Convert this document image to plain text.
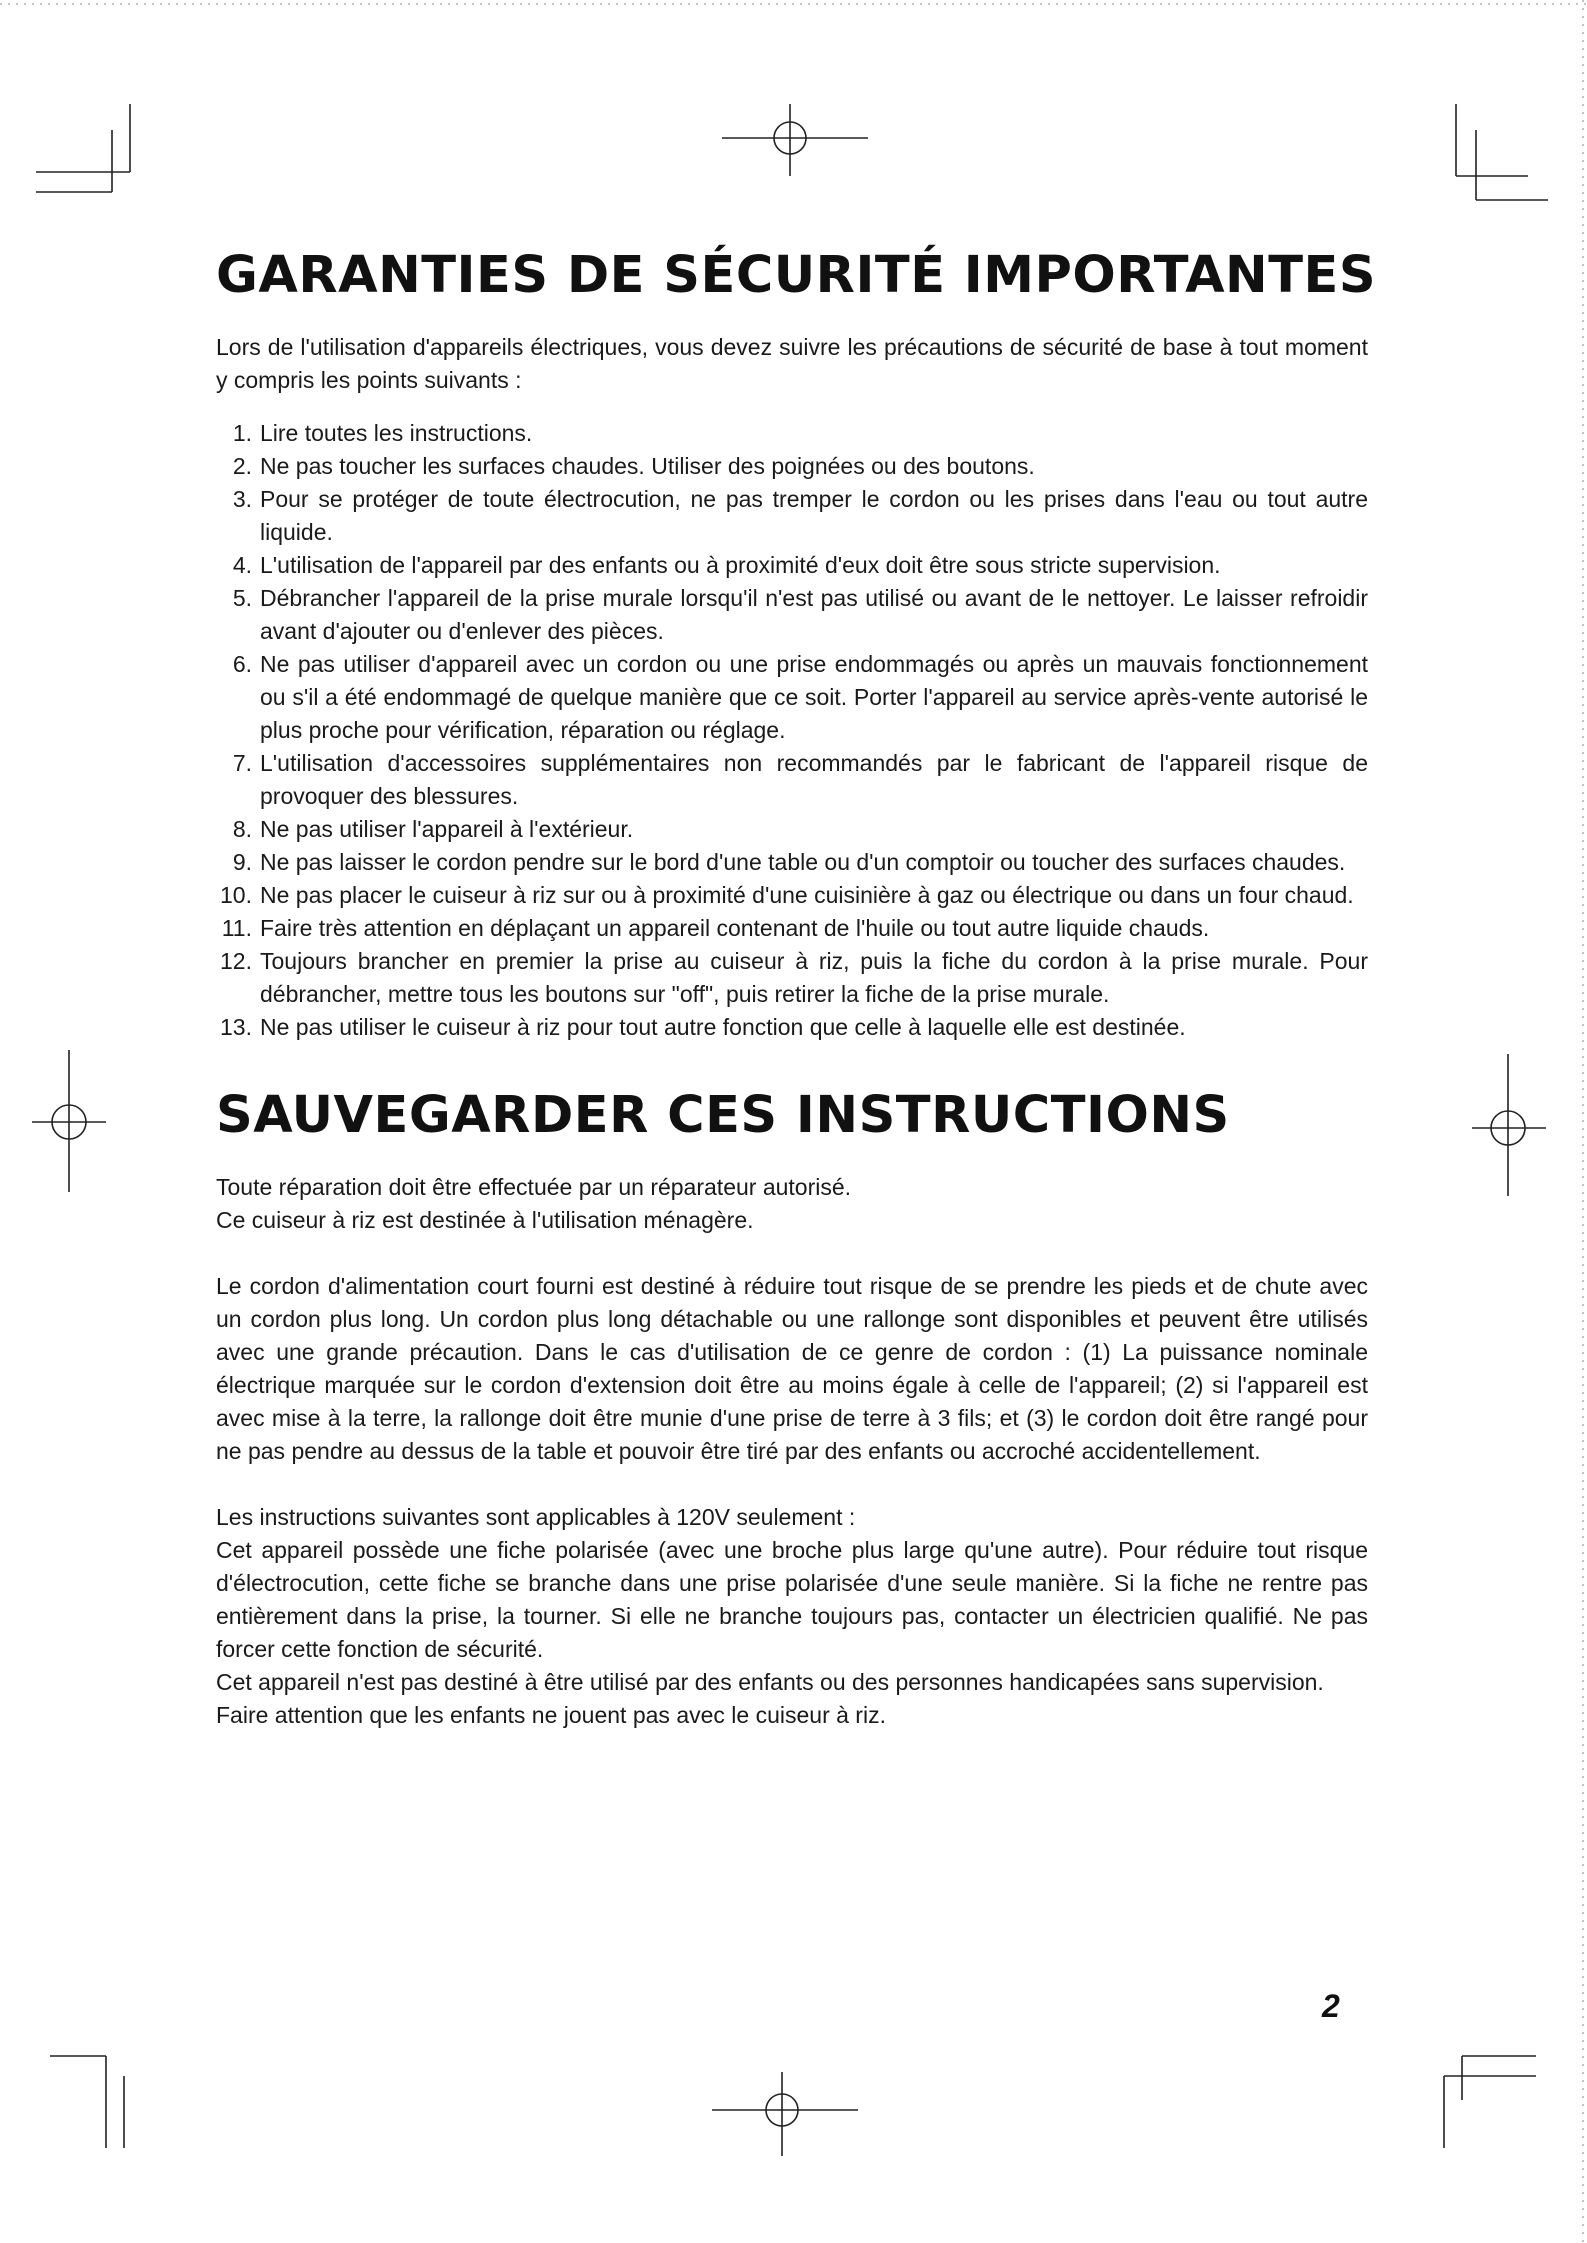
GARANTIES DE SÉCURITÉ IMPORTANTES

Lors de l'utilisation d'appareils électriques, vous devez suivre les précautions de sécurité de base à tout moment y compris les points suivants :

1. Lire toutes les instructions.
2. Ne pas toucher les surfaces chaudes. Utiliser des poignées ou des boutons.
3. Pour se protéger de toute électrocution, ne pas tremper le cordon ou les prises dans l'eau ou tout autre liquide.
4. L'utilisation de l'appareil par des enfants ou à proximité d'eux doit être sous stricte supervision.
5. Débrancher l'appareil de la prise murale lorsqu'il n'est pas utilisé ou avant de le nettoyer. Le laisser refroidir avant d'ajouter ou d'enlever des pièces.
6. Ne pas utiliser d'appareil avec un cordon ou une prise endommagés ou après un mauvais fonctionnement ou s'il a été endommagé de quelque manière que ce soit. Porter l'appareil au service après-vente autorisé le plus proche pour vérification, réparation ou réglage.
7. L'utilisation d'accessoires supplémentaires non recommandés par le fabricant de l'appareil risque de provoquer des blessures.
8. Ne pas utiliser l'appareil à l'extérieur.
9. Ne pas laisser le cordon pendre sur le bord d'une table ou d'un comptoir ou toucher des surfaces chaudes.
10. Ne pas placer le cuiseur à riz sur ou à proximité d'une cuisinière à gaz ou électrique ou dans un four chaud.
11. Faire très attention en déplaçant un appareil contenant de l'huile ou tout autre liquide chauds.
12. Toujours brancher en premier la prise au cuiseur à riz, puis la fiche du cordon à la prise murale. Pour débrancher, mettre tous les boutons sur "off", puis retirer la fiche de la prise murale.
13. Ne pas utiliser le cuiseur à riz pour tout autre fonction que celle à laquelle elle est destinée.
SAUVEGARDER CES INSTRUCTIONS

Toute réparation doit être effectuée par un réparateur autorisé.

Ce cuiseur à riz est destinée à l'utilisation ménagère.

Le cordon d'alimentation court fourni est destiné à réduire tout risque de se prendre les pieds et de chute avec un cordon plus long. Un cordon plus long détachable ou une rallonge sont disponibles et peuvent être utilisés avec une grande précaution. Dans le cas d'utilisation de ce genre de cordon : (1) La puissance nominale électrique marquée sur le cordon d'extension doit être au moins égale à celle de l'appareil; (2) si l'appareil est avec mise à la terre, la rallonge doit être munie d'une prise de terre à 3 fils; et (3) le cordon doit être rangé pour ne pas pendre au dessus de la table et pouvoir être tiré par des enfants ou accroché accidentellement.

Les instructions suivantes sont applicables à 120V seulement :

Cet appareil possède une fiche polarisée (avec une broche plus large qu'une autre). Pour réduire tout risque d'électrocution, cette fiche se branche dans une prise polarisée d'une seule manière. Si la fiche ne rentre pas entièrement dans la prise, la tourner. Si elle ne branche toujours pas, contacter un électricien qualifié. Ne pas forcer cette fonction de sécurité.

Cet appareil n'est pas destiné à être utilisé par des enfants ou des personnes handicapées sans supervision.

Faire attention que les enfants ne jouent pas avec le cuiseur à riz.

2
